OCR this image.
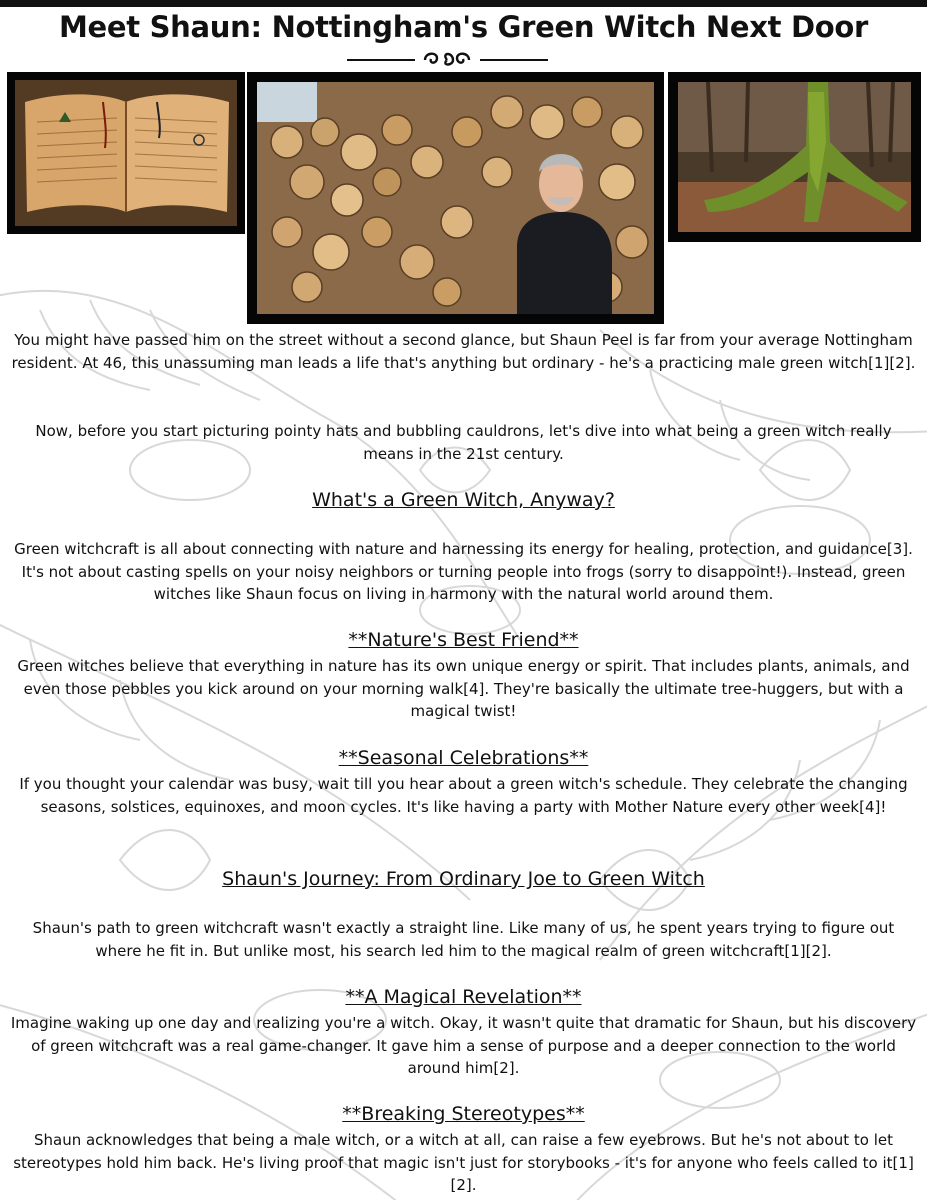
Meet Shaun: Nottingham's Green Witch Next Door

You might have passed him on the street without a second glance, but Shaun Peel is far from your average Nottingham resident. At 46, this unassuming man leads a life that's anything but ordinary - he's a practicing male green witch[1][2].

Now, before you start picturing pointy hats and bubbling cauldrons, let's dive into what being a green witch really means in the 21st century.

What's a Green Witch, Anyway?

Green witchcraft is all about connecting with nature and harnessing its energy for healing, protection, and guidance[3]. It's not about casting spells on your noisy neighbors or turning people into frogs (sorry to disappoint!). Instead, green witches like Shaun focus on living in harmony with the natural world around them.

**Nature's Best Friend**

Green witches believe that everything in nature has its own unique energy or spirit. That includes plants, animals, and even those pebbles you kick around on your morning walk[4]. They're basically the ultimate tree-huggers, but with a magical twist!

**Seasonal Celebrations**

If you thought your calendar was busy, wait till you hear about a green witch's schedule. They celebrate the changing seasons, solstices, equinoxes, and moon cycles. It's like having a party with Mother Nature every other week[4]!

Shaun's Journey: From Ordinary Joe to Green Witch

Shaun's path to green witchcraft wasn't exactly a straight line. Like many of us, he spent years trying to figure out where he fit in. But unlike most, his search led him to the magical realm of green witchcraft[1][2].

**A Magical Revelation**

Imagine waking up one day and realizing you're a witch. Okay, it wasn't quite that dramatic for Shaun, but his discovery of green witchcraft was a real game-changer. It gave him a sense of purpose and a deeper connection to the world around him[2].

**Breaking Stereotypes**

Shaun acknowledges that being a male witch, or a witch at all, can raise a few eyebrows. But he's not about to let stereotypes hold him back. He's living proof that magic isn't just for storybooks - it's for anyone who feels called to it[1][2].
